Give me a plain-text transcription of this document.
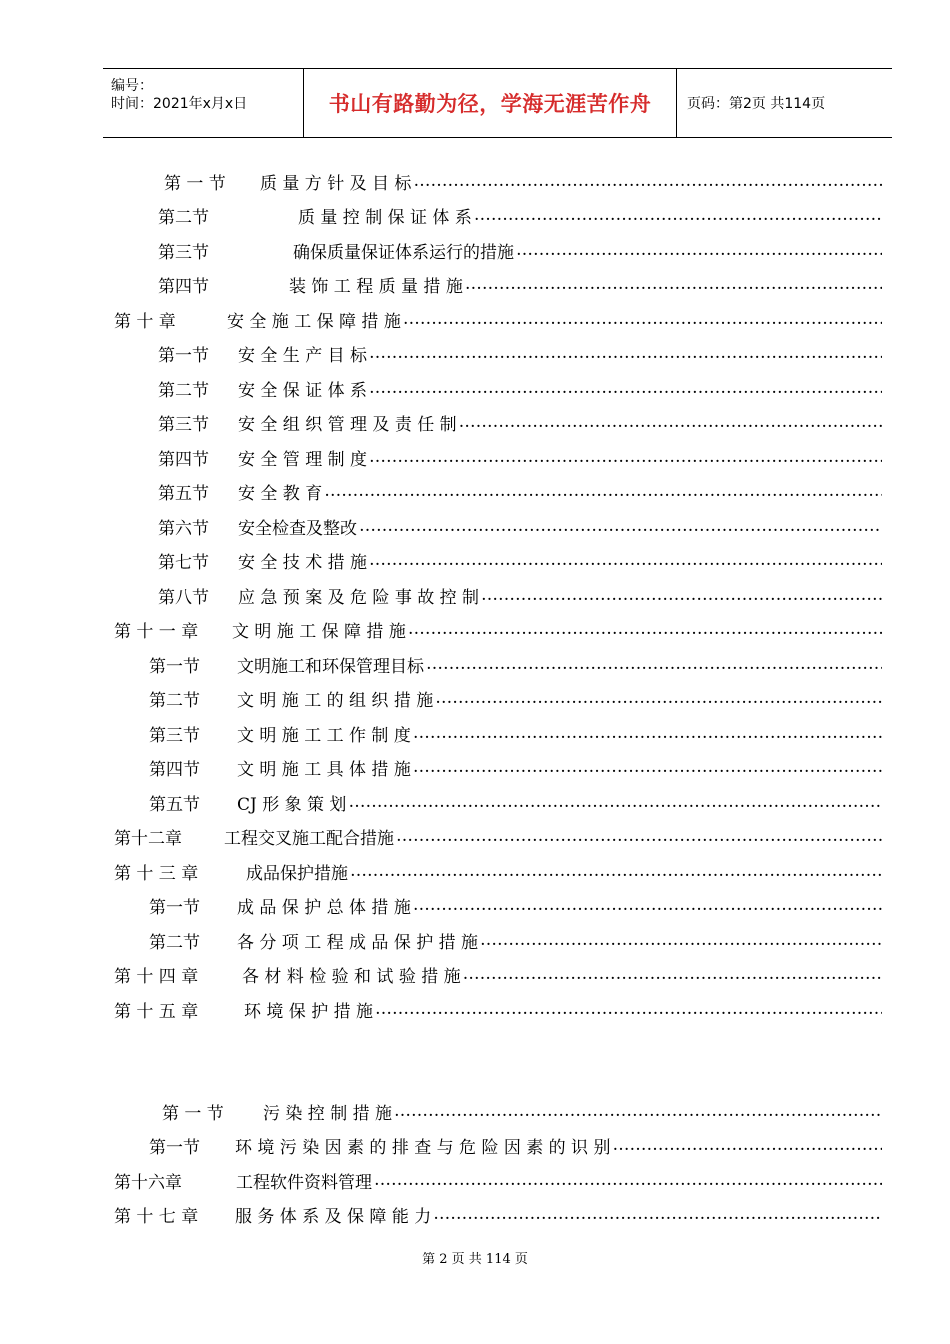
编号：
时间：2021年x月x日	书山有路勤为径，学海无涯苦作舟	页码：第2页 共114页
第 一 节	质 量 方 针 及 目 标
…………………………………………………………………………………………………………………………………………………………………………………………
第二节	质 量 控 制 保 证 体 系
…………………………………………………………………………………………………………………………………………………………………………………………
第三节	确保质量保证体系运行的措施
…………………………………………………………………………………………………………………………………………………………………………………………
第四节	装 饰 工 程 质 量 措 施
…………………………………………………………………………………………………………………………………………………………………………………………
第 十 章	安 全 施 工 保 障 措 施
…………………………………………………………………………………………………………………………………………………………………………………………
第一节	安 全 生 产 目 标
…………………………………………………………………………………………………………………………………………………………………………………………
第二节	安 全 保 证 体 系
…………………………………………………………………………………………………………………………………………………………………………………………
第三节	安 全 组 织 管 理 及 责 任 制
…………………………………………………………………………………………………………………………………………………………………………………………
第四节	安 全 管 理 制 度
…………………………………………………………………………………………………………………………………………………………………………………………
第五节	安 全 教 育
…………………………………………………………………………………………………………………………………………………………………………………………
第六节	安全检查及整改
…………………………………………………………………………………………………………………………………………………………………………………………
第七节	安 全 技 术 措 施
…………………………………………………………………………………………………………………………………………………………………………………………
第八节	应 急 预 案 及 危 险 事 故 控 制
…………………………………………………………………………………………………………………………………………………………………………………………
第 十 一 章	文 明 施 工 保 障 措 施
…………………………………………………………………………………………………………………………………………………………………………………………
第一节	文明施工和环保管理目标
…………………………………………………………………………………………………………………………………………………………………………………………
第二节	文 明 施 工 的 组 织 措 施
…………………………………………………………………………………………………………………………………………………………………………………………
第三节	文 明 施 工 工 作 制 度
…………………………………………………………………………………………………………………………………………………………………………………………
第四节	文 明 施 工 具 体 措 施
…………………………………………………………………………………………………………………………………………………………………………………………
第五节	CJ 形 象 策 划
…………………………………………………………………………………………………………………………………………………………………………………………
第十二章	工程交叉施工配合措施
…………………………………………………………………………………………………………………………………………………………………………………………
第 十 三 章	成品保护措施
…………………………………………………………………………………………………………………………………………………………………………………………
第一节	成 品 保 护 总 体 措 施
…………………………………………………………………………………………………………………………………………………………………………………………
第二节	各 分 项 工 程 成 品 保 护 措 施
…………………………………………………………………………………………………………………………………………………………………………………………
第 十 四 章	各 材 料 检 验 和 试 验 措 施
…………………………………………………………………………………………………………………………………………………………………………………………
第 十 五 章	环 境 保 护 措 施
…………………………………………………………………………………………………………………………………………………………………………………………
第 一 节	污 染 控 制 措 施
…………………………………………………………………………………………………………………………………………………………………………………………
第一节	环 境 污 染 因 素 的 排 查 与 危 险 因 素 的 识 别
…………………………………………………………………………………………………………………………………………………………………………………………
第十六章	工程软件资料管理
…………………………………………………………………………………………………………………………………………………………………………………………
第 十 七 章	服 务 体 系 及 保 障 能 力
…………………………………………………………………………………………………………………………………………………………………………………………
第 2 页 共 114 页
